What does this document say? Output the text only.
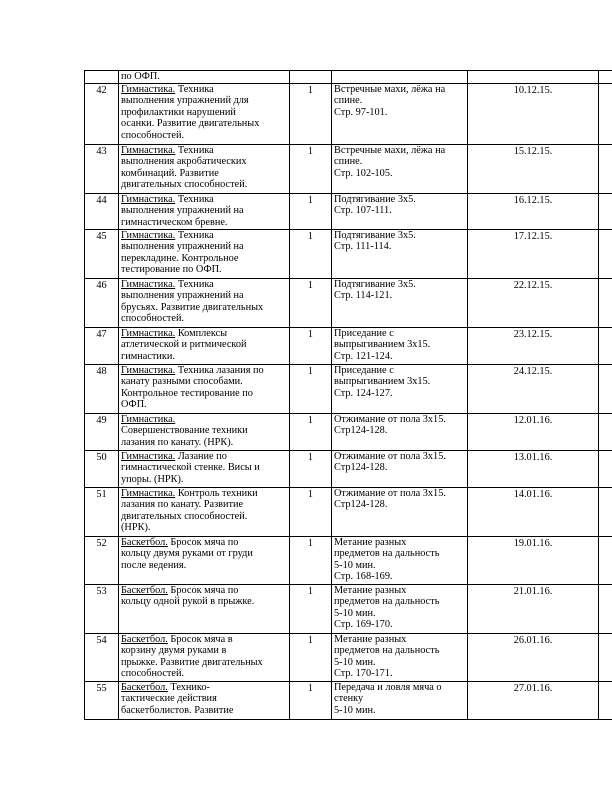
	по ОФП.				

42	Гимнастика. Техника
выполнения упражнений для
профилактики нарушений
осанки. Развитие двигательных
способностей.	1	Встречные махи, лёжа на
спине.
Стр. 97-101.	10.12.15.	
43	Гимнастика. Техника
выполнения акробатических
комбинаций. Развитие
двигательных способностей.	1	Встречные махи, лёжа на
спине.
Стр. 102-105.	15.12.15.	
44	Гимнастика. Техника
выполнения упражнений на
гимнастическом бревне.	1	Подтягивание 3х5.
Стр. 107-111.	16.12.15.	
45	Гимнастика. Техника
выполнения упражнений на
перекладине. Контрольное
тестирование по ОФП.	1	Подтягивание 3х5.
Стр. 111-114.	17.12.15.	
46	Гимнастика. Техника
выполнения упражнений на
брусьях. Развитие двигательных
способностей.	1	Подтягивание 3х5.
Стр. 114-121.	22.12.15.	
47	Гимнастика. Комплексы
атлетической и ритмической
гимнастики.	1	Приседание с
выпрыгиванием 3х15.
Стр. 121-124.	23.12.15.	
48	Гимнастика. Техника лазания по
канату разными способами.
Контрольное тестирование по
ОФП.	1	Приседание с
выпрыгиванием 3х15.
Стр. 124-127.	24.12.15.	
49	Гимнастика.
Совершенствование техники
лазания по канату. (НРК).	1	Отжимание от пола 3х15.
Стр124-128.	12.01.16.	
50	Гимнастика. Лазание по
гимнастической стенке. Висы и
упоры. (НРК).	1	Отжимание от пола 3х15.
Стр124-128.	13.01.16.	
51	Гимнастика. Контроль техники
лазания по канату. Развитие
двигательных способностей.
(НРК).	1	Отжимание от пола 3х15.
Стр124-128.	14.01.16.	
52	Баскетбол. Бросок мяча по
кольцу двумя руками от груди
после ведения.	1	Метание разных
предметов на дальность
5-10 мин.
Стр. 168-169.	19.01.16.	
53	Баскетбол. Бросок мяча по
кольцу одной рукой в прыжке.	1	Метание разных
предметов на дальность
5-10 мин.
Стр. 169-170.	21.01.16.	
54	Баскетбол. Бросок мяча в
корзину двумя руками в
прыжке. Развитие двигательных
способностей.	1	Метание разных
предметов на дальность
5-10 мин.
Стр. 170-171.	26.01.16.	
55	Баскетбол. Технико-
тактические действия
баскетболистов. Развитие	1	Передача и ловля мяча о
стенку
5-10 мин.	27.01.16.	
